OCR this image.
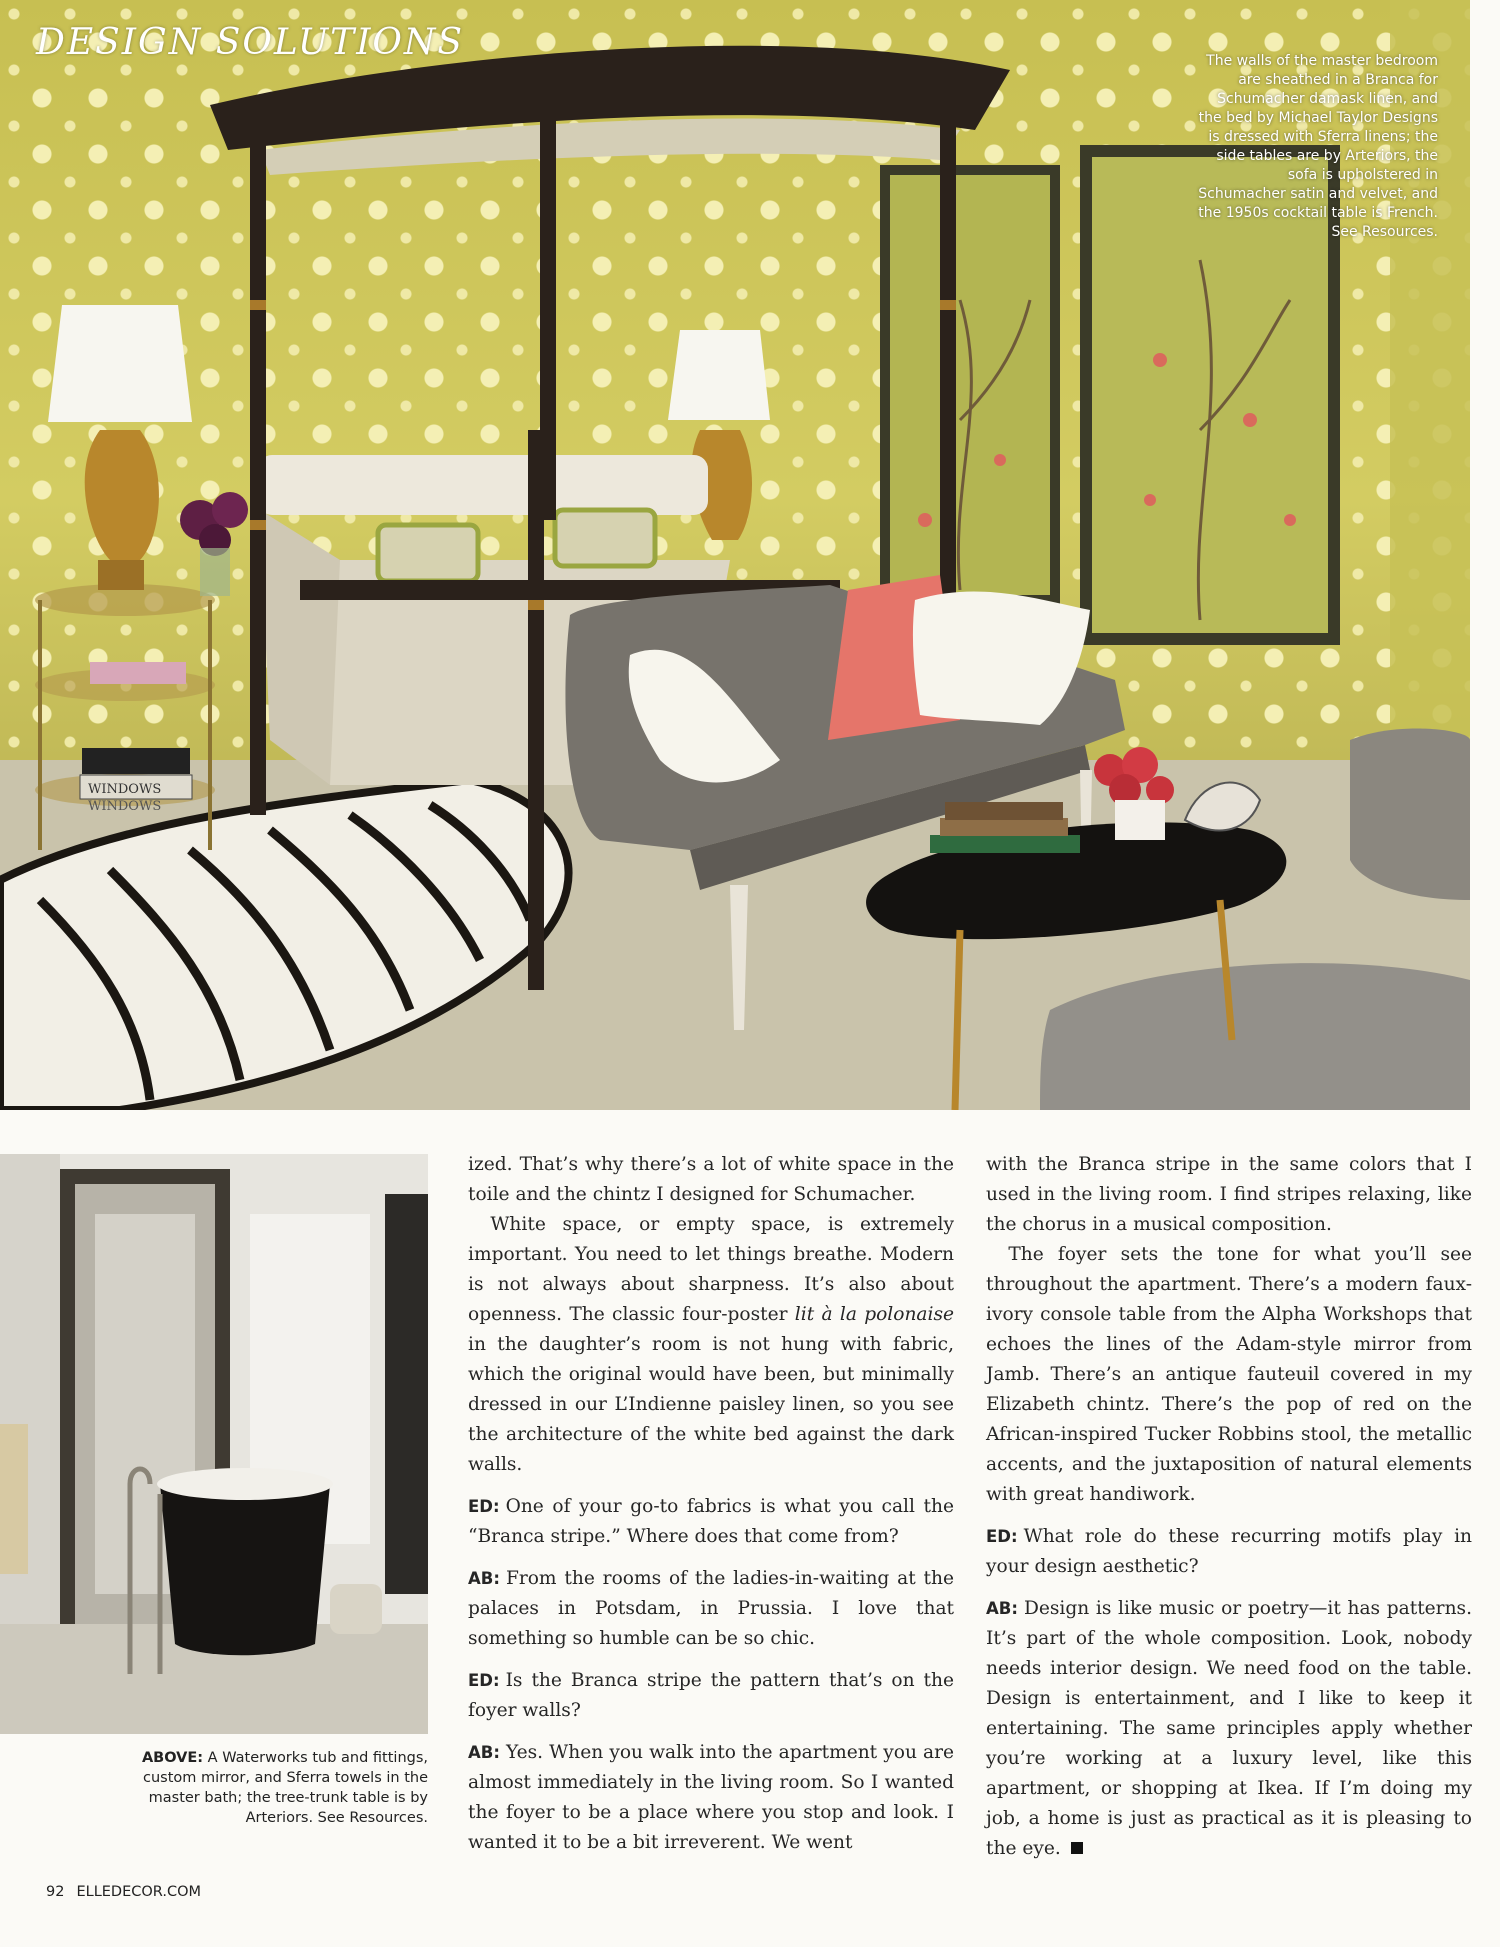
WINDOWS
WINDOWS
DESIGN SOLUTIONS	The walls of the master bedroom are sheathed in a Branca for Schumacher damask linen, and the bed by Michael Taylor Designs is dressed with Sferra linens; the side tables are by Arteriors, the sofa is upholstered in Schumacher satin and velvet, and the 1950s cocktail table is French. See Resources.

ABOVE: A Waterworks tub and fittings, custom mirror, and Sferra towels in the master bath; the tree-trunk table is by Arteriors. See Resources.

ized. That’s why there’s a lot of white space in the toile and the chintz I designed for Schumacher.

White space, or empty space, is extremely important. You need to let things breathe. Modern is not always about sharpness. It’s also about openness. The classic four-poster lit à la polonaise in the daughter’s room is not hung with fabric, which the original would have been, but minimally dressed in our L’Indienne paisley linen, so you see the architecture of the white bed against the dark walls.

ED: One of your go-to fabrics is what you call the “Branca stripe.” Where does that come from?

AB: From the rooms of the ladies-in-waiting at the palaces in Potsdam, in Prussia. I love that something so humble can be so chic.

ED: Is the Branca stripe the pattern that’s on the foyer walls?

AB: Yes. When you walk into the apartment you are almost immediately in the living room. So I wanted the foyer to be a place where you stop and look. I wanted it to be a bit irreverent. We went

with the Branca stripe in the same colors that I used in the living room. I find stripes relaxing, like the chorus in a musical composition.

The foyer sets the tone for what you’ll see throughout the apartment. There’s a modern faux-ivory console table from the Alpha Workshops that echoes the lines of the Adam-style mirror from Jamb. There’s an antique fauteuil covered in my Elizabeth chintz. There’s the pop of red on the African-inspired Tucker Robbins stool, the metallic accents, and the juxtaposition of natural elements with great handiwork.

ED: What role do these recurring motifs play in your design aesthetic?

AB: Design is like music or poetry—it has patterns. It’s part of the whole composition. Look, nobody needs interior design. We need food on the table. Design is entertainment, and I like to keep it entertaining. The same principles apply whether you’re working at a luxury level, like this apartment, or shopping at Ikea. If I’m doing my job, a home is just as practical as it is pleasing to the eye.

92 ELLEDECOR.COM
